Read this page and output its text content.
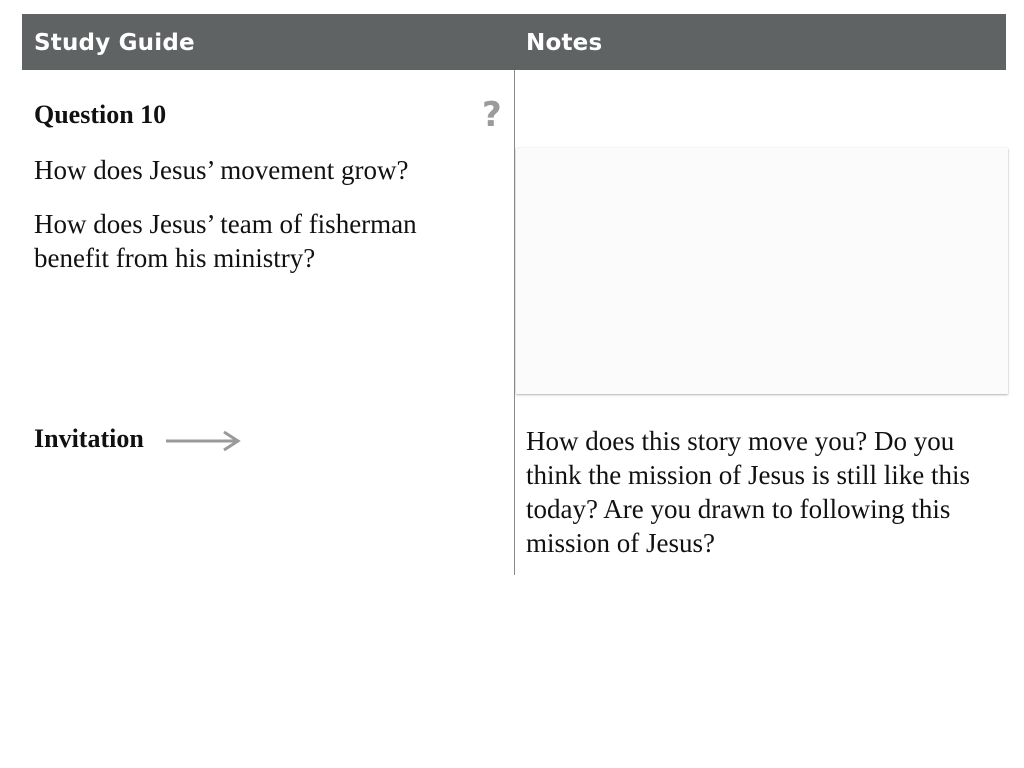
Study Guide	Notes
Question 10	?
How does Jesus’ movement grow?
How does Jesus’ team of fisherman benefit from his ministry?
Invitation	How does this story move you? Do you think the mission of Jesus is still like this today? Are you drawn to following this mission of Jesus?
